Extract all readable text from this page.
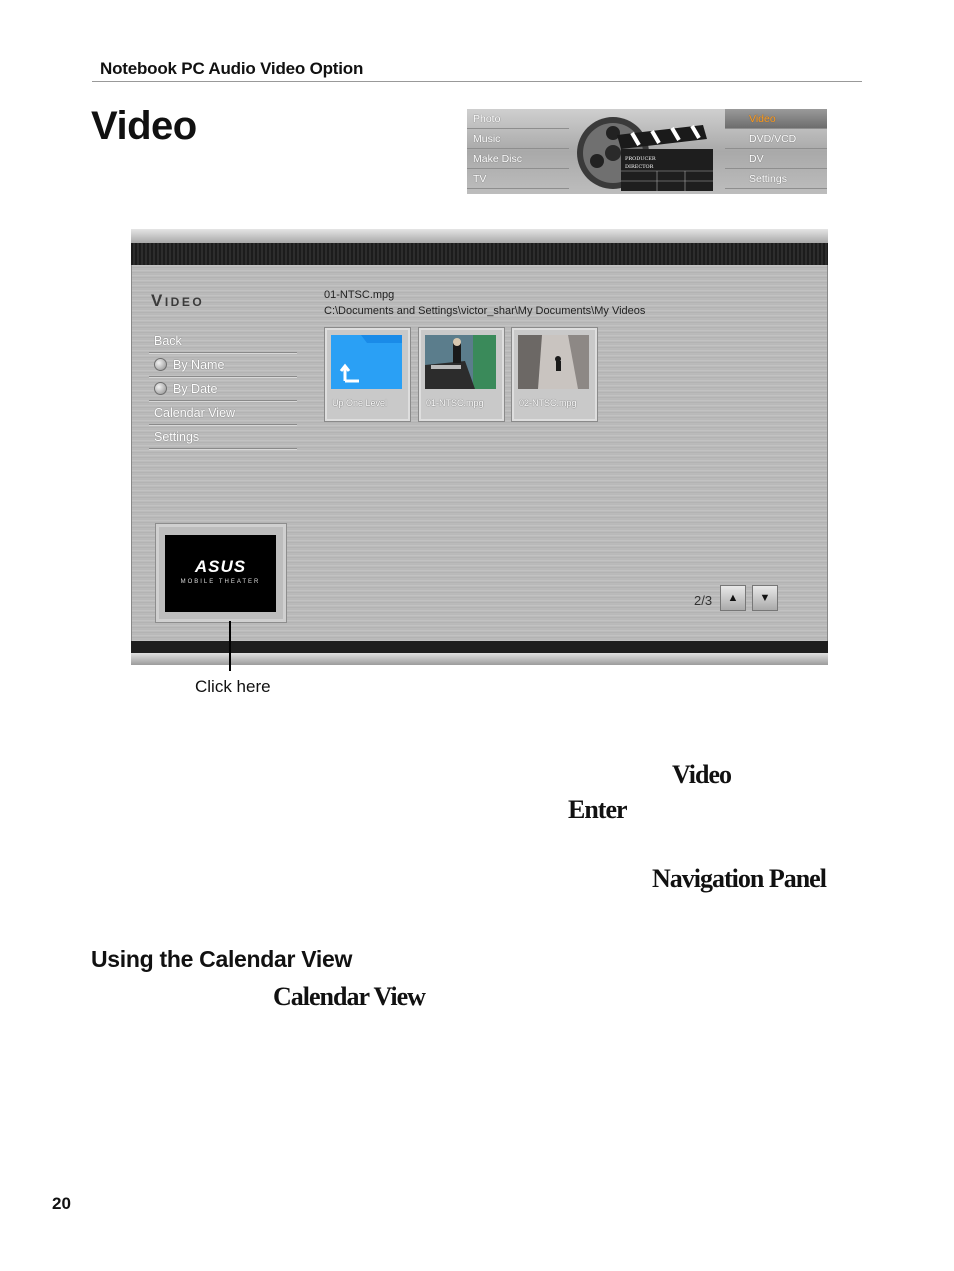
Notebook PC Audio Video Option
Video	Photo
Music
Make Disc
TV
PRODUCER
DIRECTOR
Video
DVD/VCD
DV
Settings
Video
Back
By Name
By Date
Calendar View
Settings
01-NTSC.mpg
C:\Documents and Settings\victor_shar\My Documents\My Videos
Up One Level	01-NTSC.mpg	02-NTSC.mpg
ASUS
MOBILE THEATER
2/3 ▲ ▼
Click here
Video
Enter
Navigation Panel
Using the Calendar View
Calendar View
20
